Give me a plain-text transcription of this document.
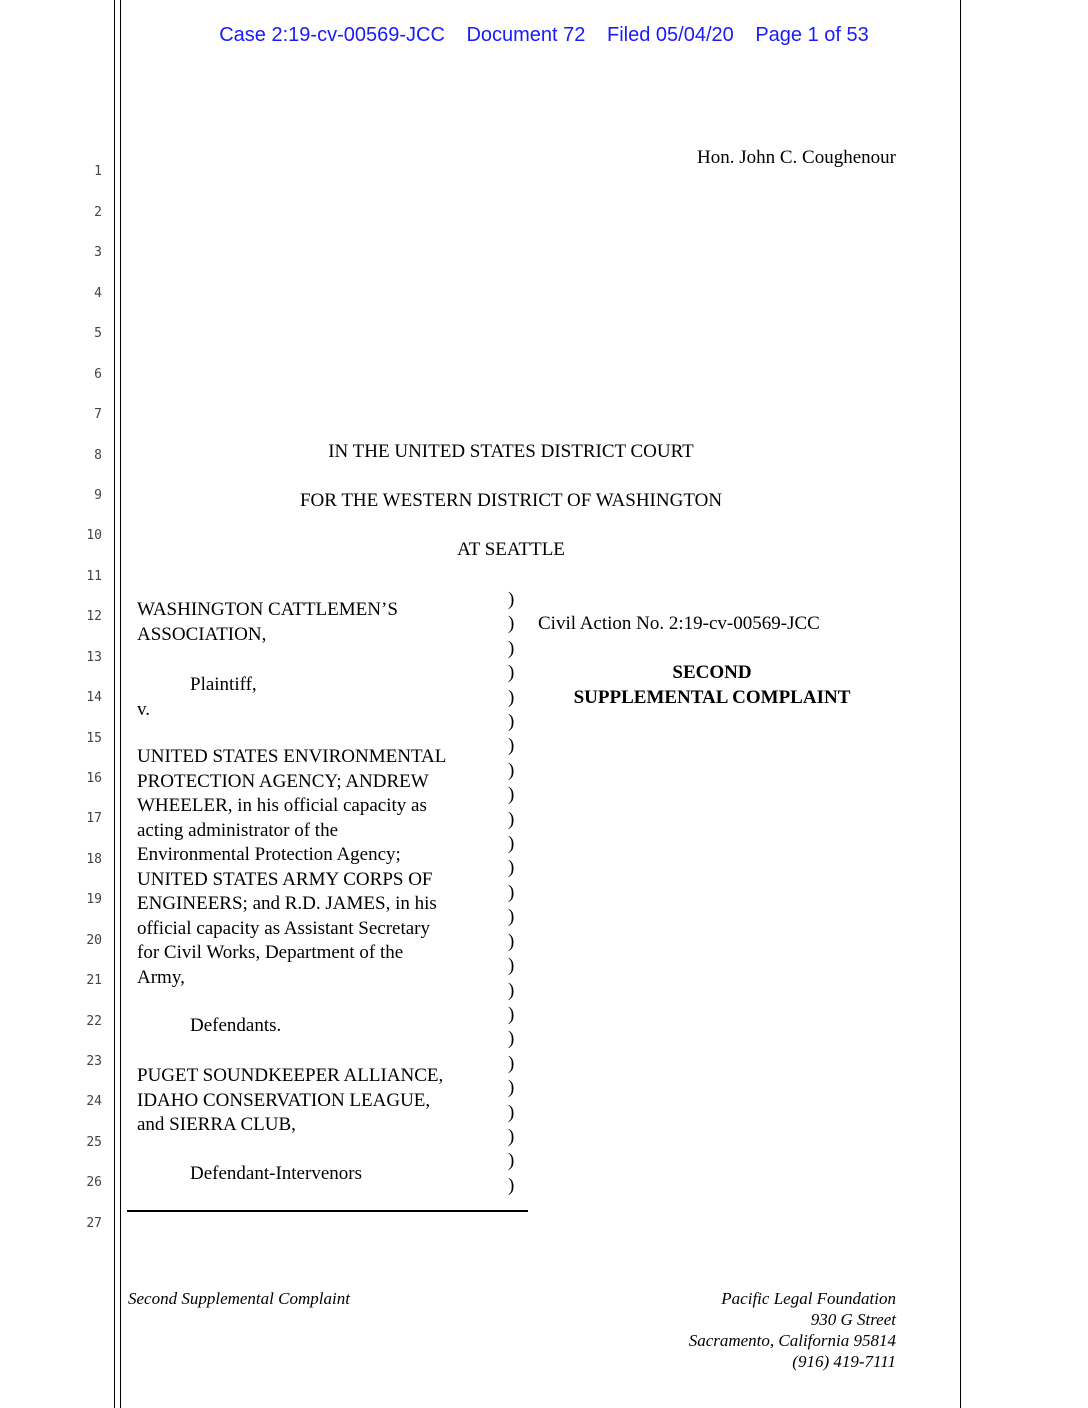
Case 2:19-cv-00569-JCC Document 72 Filed 05/04/20 Page 1 of 53
1
2
3
4
5
6
7
8
9
10
11
12
13
14
15
16
17
18
19
20
21
22
23
24
25
26
27
Hon. John C. Coughenour
IN THE UNITED STATES DISTRICT COURT
FOR THE WESTERN DISTRICT OF WASHINGTON
AT SEATTLE
WASHINGTON CATTLEMEN’S
ASSOCIATION,
Plaintiff,
v.
UNITED STATES ENVIRONMENTAL
PROTECTION AGENCY; ANDREW
WHEELER, in his official capacity as
acting administrator of the
Environmental Protection Agency;
UNITED STATES ARMY CORPS OF
ENGINEERS; and R.D. JAMES, in his
official capacity as Assistant Secretary
for Civil Works, Department of the
Army,
Defendants.
PUGET SOUNDKEEPER ALLIANCE,
IDAHO CONSERVATION LEAGUE,
and SIERRA CLUB,
Defendant-Intervenors
)
)
)
)
)
)
)
)
)
)
)
)
)
)
)
)
)
)
)
)
)
)
)
)
)
Civil Action No. 2:19-cv-00569-JCC
SECOND
SUPPLEMENTAL COMPLAINT
Second Supplemental Complaint	Pacific Legal Foundation
930 G Street
Sacramento, California 95814
(916) 419-7111
